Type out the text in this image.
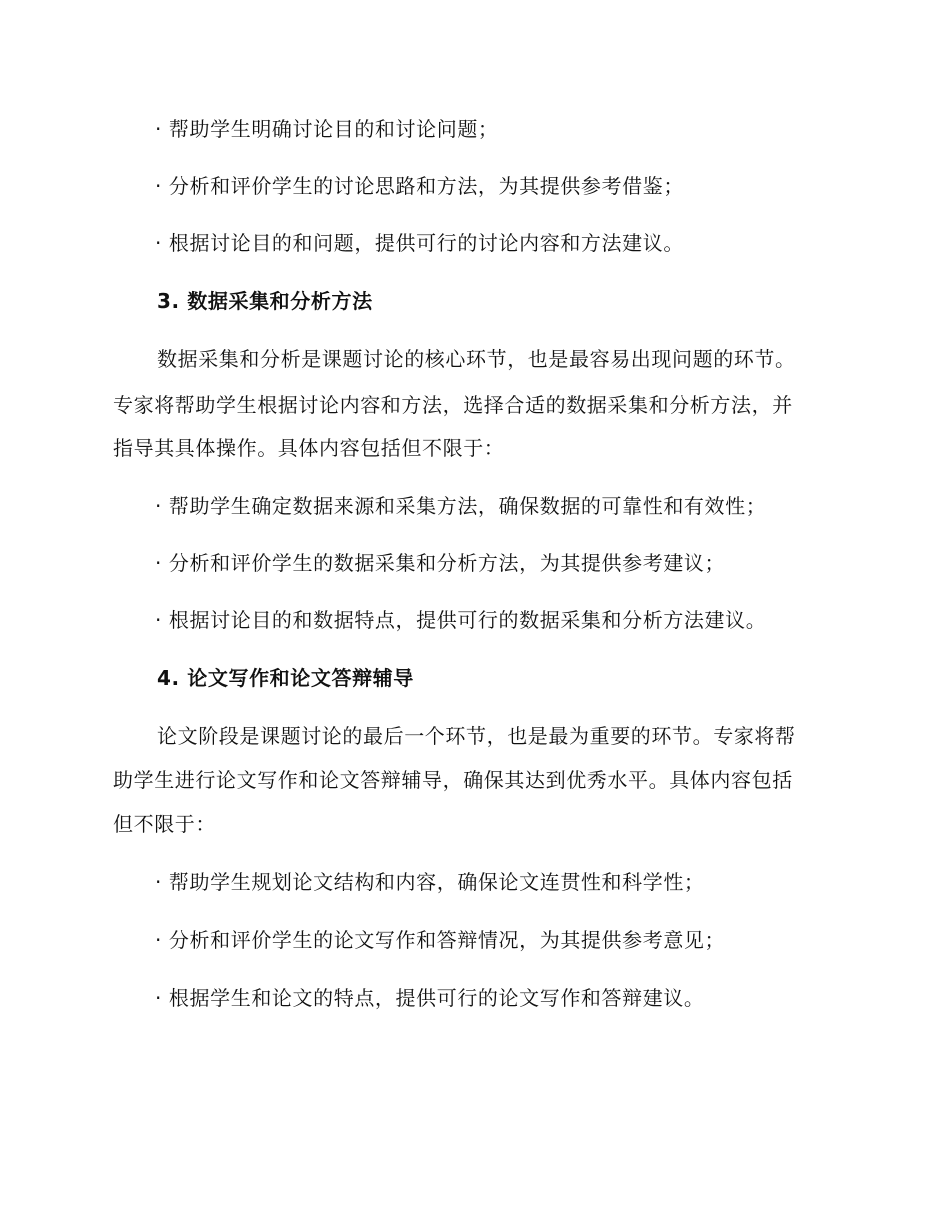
· 帮助学生明确讨论目的和讨论问题；
· 分析和评价学生的讨论思路和方法，为其提供参考借鉴；
· 根据讨论目的和问题，提供可行的讨论内容和方法建议。
3. 数据采集和分析方法
数据采集和分析是课题讨论的核心环节，也是最容易出现问题的环节。
专家将帮助学生根据讨论内容和方法，选择合适的数据采集和分析方法，并
指导其具体操作。具体内容包括但不限于：
· 帮助学生确定数据来源和采集方法，确保数据的可靠性和有效性；
· 分析和评价学生的数据采集和分析方法，为其提供参考建议；
· 根据讨论目的和数据特点，提供可行的数据采集和分析方法建议。
4. 论文写作和论文答辩辅导
论文阶段是课题讨论的最后一个环节，也是最为重要的环节。专家将帮
助学生进行论文写作和论文答辩辅导，确保其达到优秀水平。具体内容包括
但不限于：
· 帮助学生规划论文结构和内容，确保论文连贯性和科学性；
· 分析和评价学生的论文写作和答辩情况，为其提供参考意见；
· 根据学生和论文的特点，提供可行的论文写作和答辩建议。
